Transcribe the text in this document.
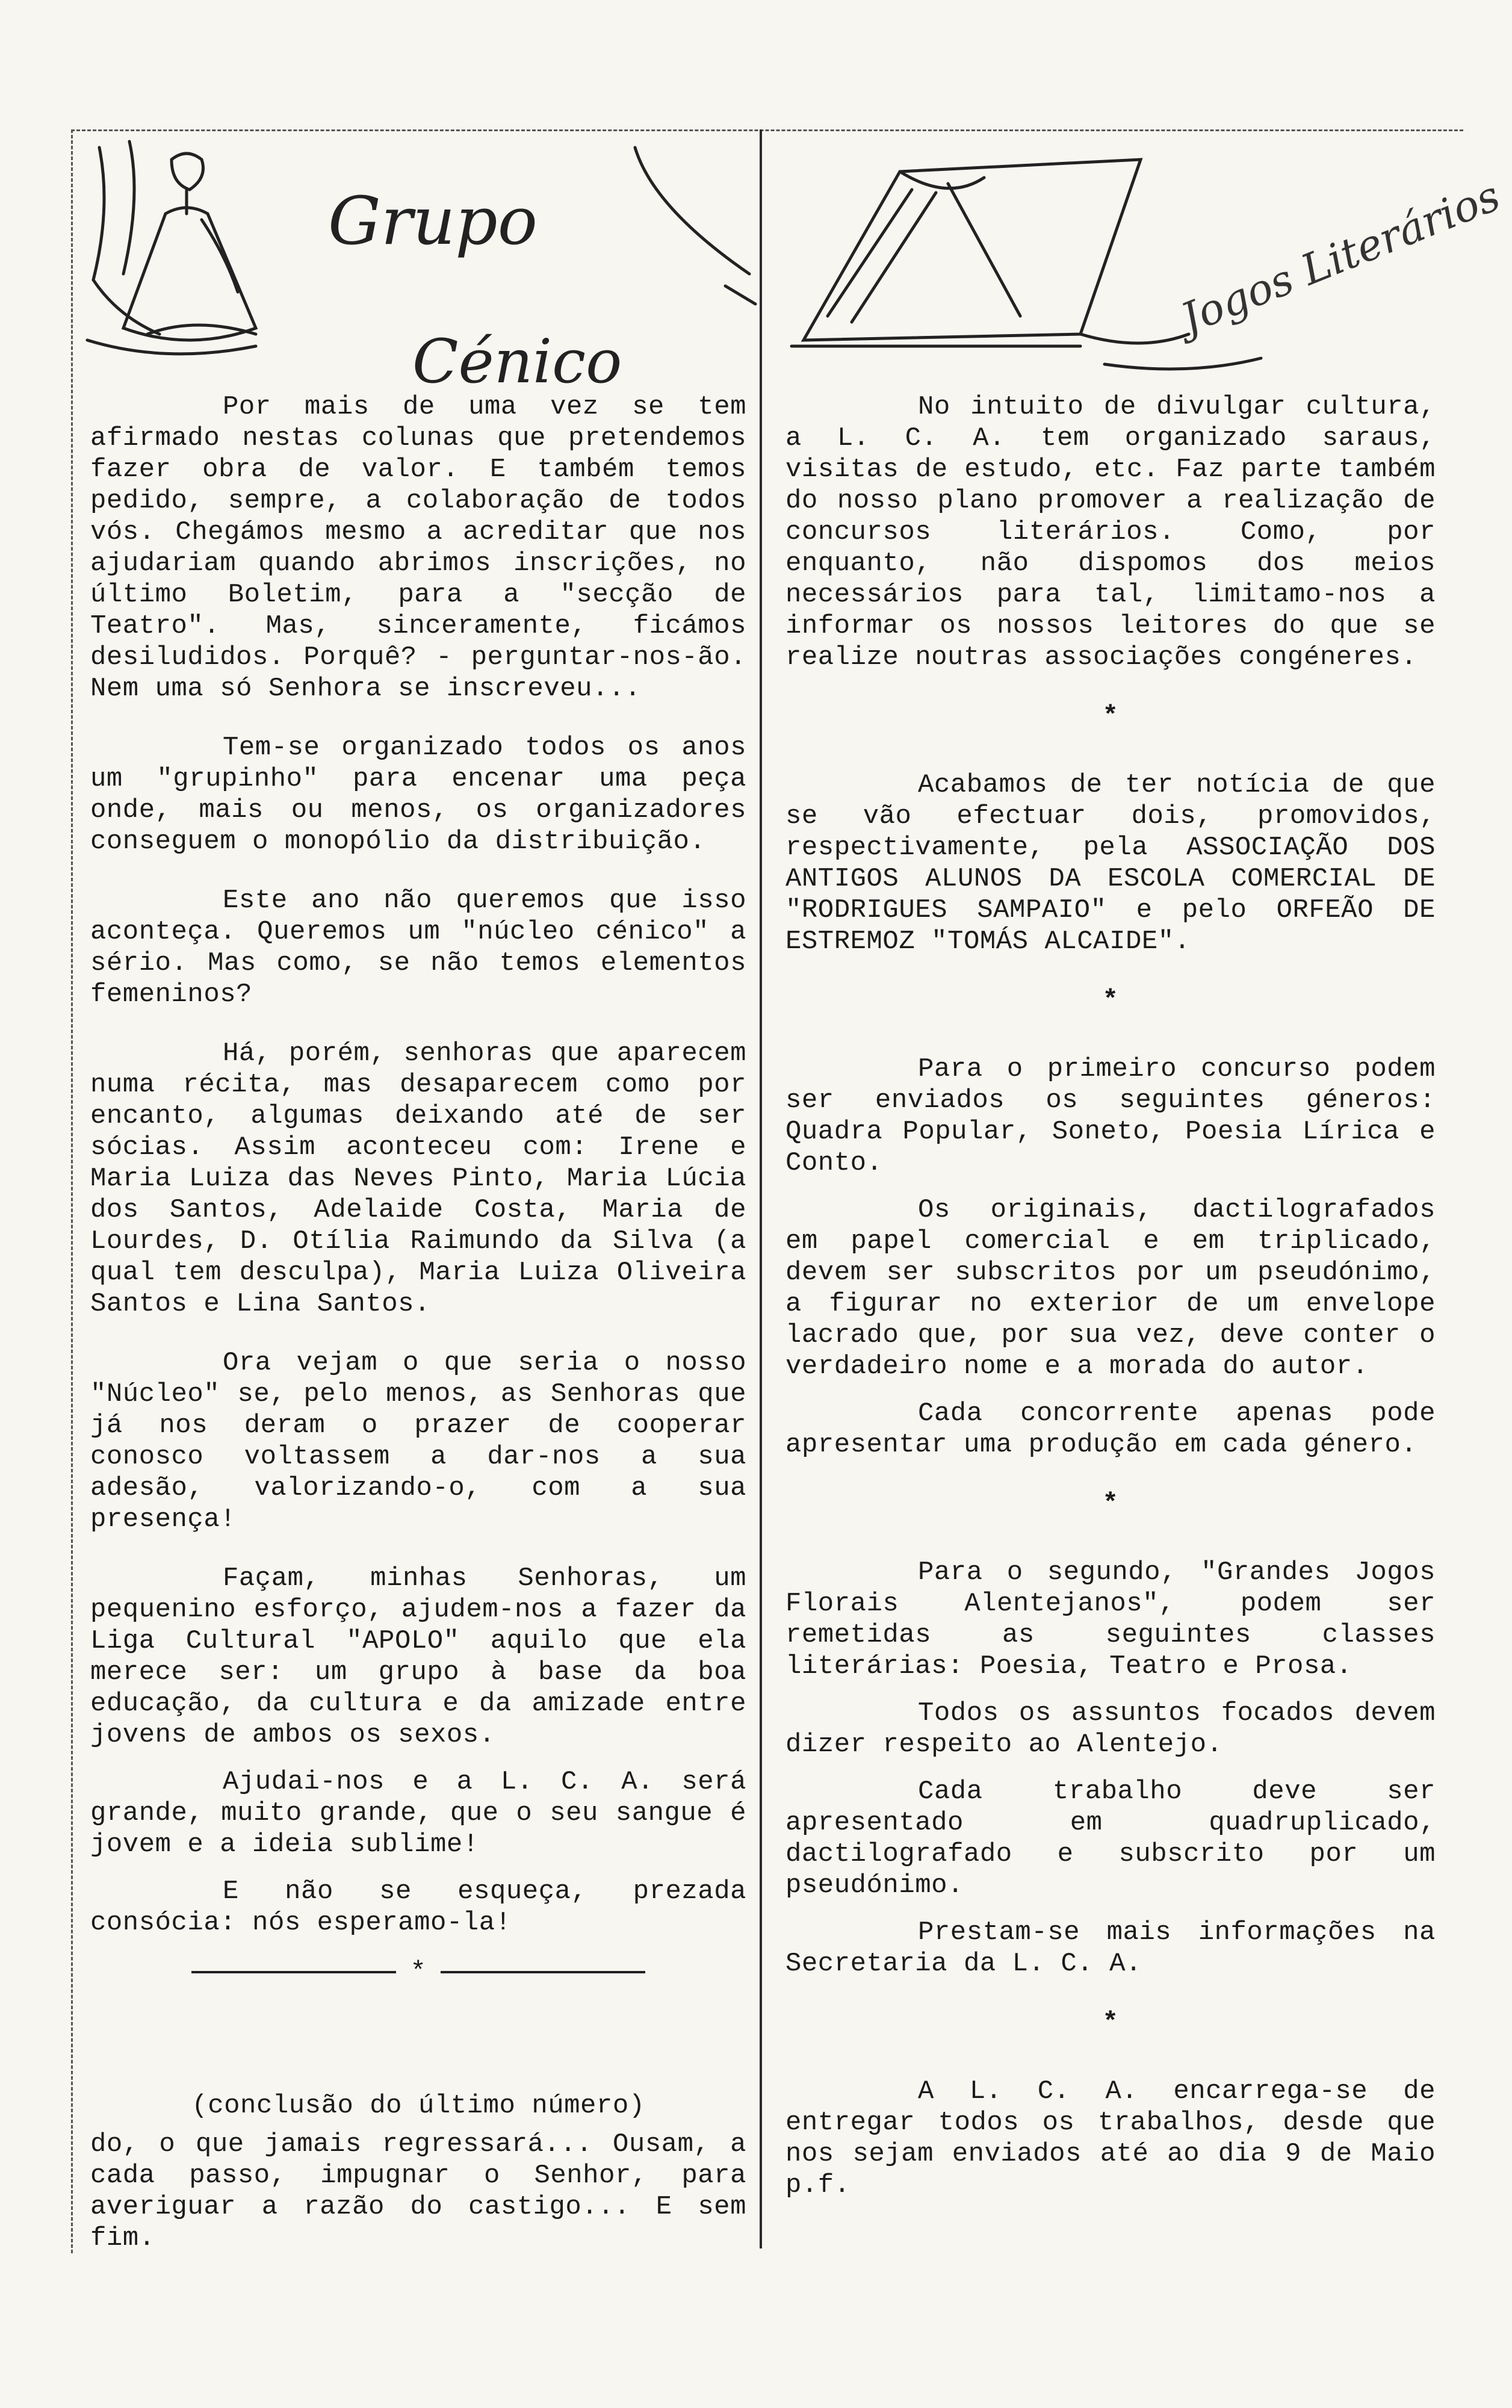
Grupo
Cénico
Jogos Literários

Por mais de uma vez se tem afirmado nestas colunas que pretendemos fazer obra de valor. E também temos pedido, sempre, a colaboração de todos vós. Chegámos mesmo a acreditar que nos ajudariam quando abrimos inscrições, no último Boletim, para a "secção de Teatro". Mas, sinceramente, ficámos desiludidos. Porquê? - perguntar-nos-ão. Nem uma só Senhora se inscreveu...

Tem-se organizado todos os anos um "grupinho" para encenar uma peça onde, mais ou menos, os organizadores conseguem o monopólio da distribuição.

Este ano não queremos que isso aconteça. Queremos um "núcleo cénico" a sério. Mas como, se não temos elementos femeninos?

Há, porém, senhoras que aparecem numa récita, mas desaparecem como por encanto, algumas deixando até de ser sócias. Assim aconteceu com: Irene e Maria Luiza das Neves Pinto, Maria Lúcia dos Santos, Adelaide Costa, Maria de Lourdes, D. Otília Raimundo da Silva (a qual tem desculpa), Maria Luiza Oliveira Santos e Lina Santos.

Ora vejam o que seria o nosso "Núcleo" se, pelo menos, as Senhoras que já nos deram o prazer de cooperar conosco voltassem a dar-nos a sua adesão, valorizando-o, com a sua presença!

Façam, minhas Senhoras, um pequenino esforço, ajudem-nos a fazer da Liga Cultural "APOLO" aquilo que ela merece ser: um grupo à base da boa educação, da cultura e da amizade entre jovens de ambos os sexos.

Ajudai-nos e a L. C. A. será grande, muito grande, que o seu sangue é jovem e a ideia sublime!

E não se esqueça, prezada consócia: nós esperamo-la!

*
(conclusão do último número)

do, o que jamais regressará... Ousam, a cada passo, impugnar o Senhor, para averiguar a razão do castigo... E sem fim.

No intuito de divulgar cultura, a L. C. A. tem organizado saraus, visitas de estudo, etc. Faz parte também do nosso plano promover a realização de concursos literários. Como, por enquanto, não dispomos dos meios necessários para tal, limitamo-nos a informar os nossos leitores do que se realize noutras associações congéneres.

*

Acabamos de ter notícia de que se vão efectuar dois, promovidos, respectivamente, pela ASSOCIAÇÃO DOS ANTIGOS ALUNOS DA ESCOLA COMERCIAL DE "RODRIGUES SAMPAIO" e pelo ORFEÃO DE ESTREMOZ "TOMÁS ALCAIDE".

*

Para o primeiro concurso podem ser enviados os seguintes géneros: Quadra Popular, Soneto, Poesia Lírica e Conto.

Os originais, dactilografados em papel comercial e em triplicado, devem ser subscritos por um pseudónimo, a figurar no exterior de um envelope lacrado que, por sua vez, deve conter o verdadeiro nome e a morada do autor.

Cada concorrente apenas pode apresentar uma produção em cada género.

*

Para o segundo, "Grandes Jogos Florais Alentejanos", podem ser remetidas as seguintes classes literárias: Poesia, Teatro e Prosa.

Todos os assuntos focados devem dizer respeito ao Alentejo.

Cada trabalho deve ser apresentado em quadruplicado, dactilografado e subscrito por um pseudónimo.

Prestam-se mais informações na Secretaria da L. C. A.

*

A L. C. A. encarrega-se de entregar todos os trabalhos, desde que nos sejam enviados até ao dia 9 de Maio p.f.
